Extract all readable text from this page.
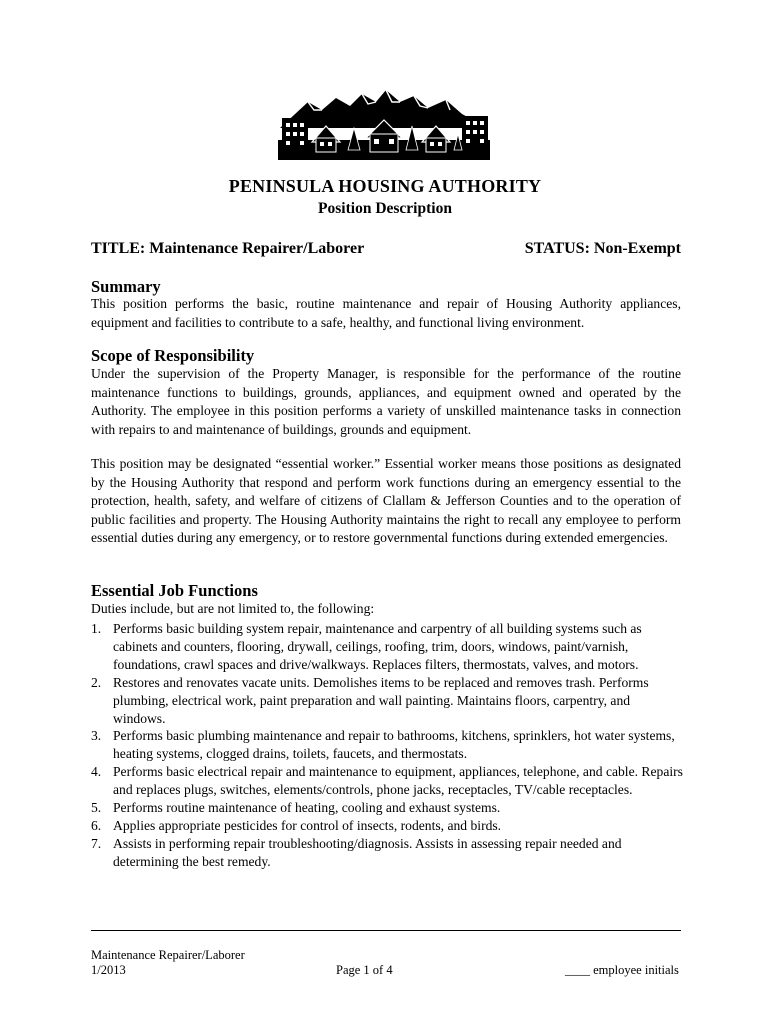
PENINSULA HOUSING AUTHORITY
Position Description
TITLE: Maintenance Repairer/Laborer	STATUS: Non-Exempt
Summary

This position performs the basic, routine maintenance and repair of Housing Authority appliances, equipment and facilities to contribute to a safe, healthy, and functional living environment.

Scope of Responsibility

Under the supervision of the Property Manager, is responsible for the performance of the routine maintenance functions to buildings, grounds, appliances, and equipment owned and operated by the Authority. The employee in this position performs a variety of unskilled maintenance tasks in connection with repairs to and maintenance of buildings, grounds and equipment.

This position may be designated “essential worker.” Essential worker means those positions as designated by the Housing Authority that respond and perform work functions during an emergency essential to the protection, health, safety, and welfare of citizens of Clallam & Jefferson Counties and to the operation of public facilities and property. The Housing Authority maintains the right to recall any employee to perform essential duties during any emergency, or to restore governmental functions during extended emergencies.

Essential Job Functions

Duties include, but are not limited to, the following:

1. Performs basic building system repair, maintenance and carpentry of all building systems such as cabinets and counters, flooring, drywall, ceilings, roofing, trim, doors, windows, paint/varnish, foundations, crawl spaces and drive/walkways. Replaces filters, thermostats, valves, and motors.
2. Restores and renovates vacate units. Demolishes items to be replaced and removes trash. Performs plumbing, electrical work, paint preparation and wall painting. Maintains floors, carpentry, and windows.
3. Performs basic plumbing maintenance and repair to bathrooms, kitchens, sprinklers, hot water systems, heating systems, clogged drains, toilets, faucets, and thermostats.
4. Performs basic electrical repair and maintenance to equipment, appliances, telephone, and cable. Repairs and replaces plugs, switches, elements/controls, phone jacks, receptacles, TV/cable receptacles.
5. Performs routine maintenance of heating, cooling and exhaust systems.
6. Applies appropriate pesticides for control of insects, rodents, and birds.
7. Assists in performing repair troubleshooting/diagnosis. Assists in assessing repair needed and determining the best remedy.
Maintenance Repairer/Laborer
1/2013	Page 1 of 4	____ employee initials
